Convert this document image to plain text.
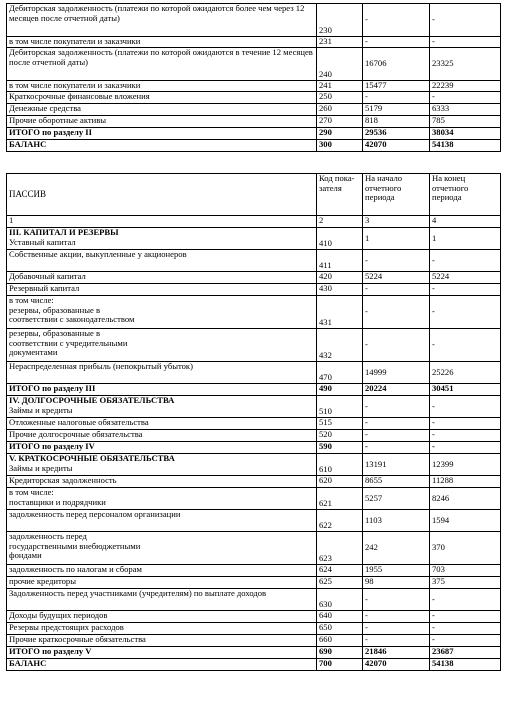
Дебиторская задолженность (платежи по которой ожидаются более чем через 12 месяцев после отчетной даты)	230	-	-
в том числе покупатели и заказчики	231	-	-
Дебиторская задолженность (платежи по которой ожидаются в течение 12 месяцев после отчетной даты)	240	16706	23325
в том числе покупатели и заказчики	241	15477	22239
Краткосрочные финансовые вложения	250	-	-
Денежные средства	260	5179	6333
Прочие оборотные активы	270	818	785
ИТОГО по разделу II	290	29536	38034
БАЛАНС	300	42070	54138
ПАССИВ	Код пока-зателя	На начало отчетного периода	На конец отчетного периода
1	2	3	4
III. КАПИТАЛ И РЕЗЕРВЫ
Уставный капитал	410	1	1
Собственные акции, выкупленные у акционеров	411	-	-
Добавочный капитал	420	5224	5224
Резервный капитал	430	-	-
в том числе:
резервы, образованные в
соответствии с законодательством	431	-	-
резервы, образованные в
соответствии с учредительными
документами	432	-	-
Нераспределенная прибыль (непокрытый убыток)	470	14999	25226
ИТОГО по разделу III	490	20224	30451
IV. ДОЛГОСРОЧНЫЕ ОБЯЗАТЕЛЬСТВА
Займы и кредиты	510	-	-
Отложенные налоговые обязательства	515	-	-
Прочие долгосрочные обязательства	520	-	-
ИТОГО по разделу IV	590	-	-
V. КРАТКОСРОЧНЫЕ ОБЯЗАТЕЛЬСТВА
Займы и кредиты	610	13191	12399
Кредиторская задолженность	620	8655	11288
в том числе:
поставщики и подрядчики	621	5257	8246
задолженность перед персоналом организации	622	1103	1594
задолженность перед
государственными внебюджетными
фондами	623	242	370
задолженность по налогам и сборам	624	1955	703
прочие кредиторы	625	98	375
Задолженность перед участниками (учредителям) по выплате доходов	630	-	-
Доходы будущих периодов	640	-	-
Резервы предстоящих расходов	650	-	-
Прочие краткосрочные обязательства	660	-	-
ИТОГО по разделу V	690	21846	23687
БАЛАНС	700	42070	54138
